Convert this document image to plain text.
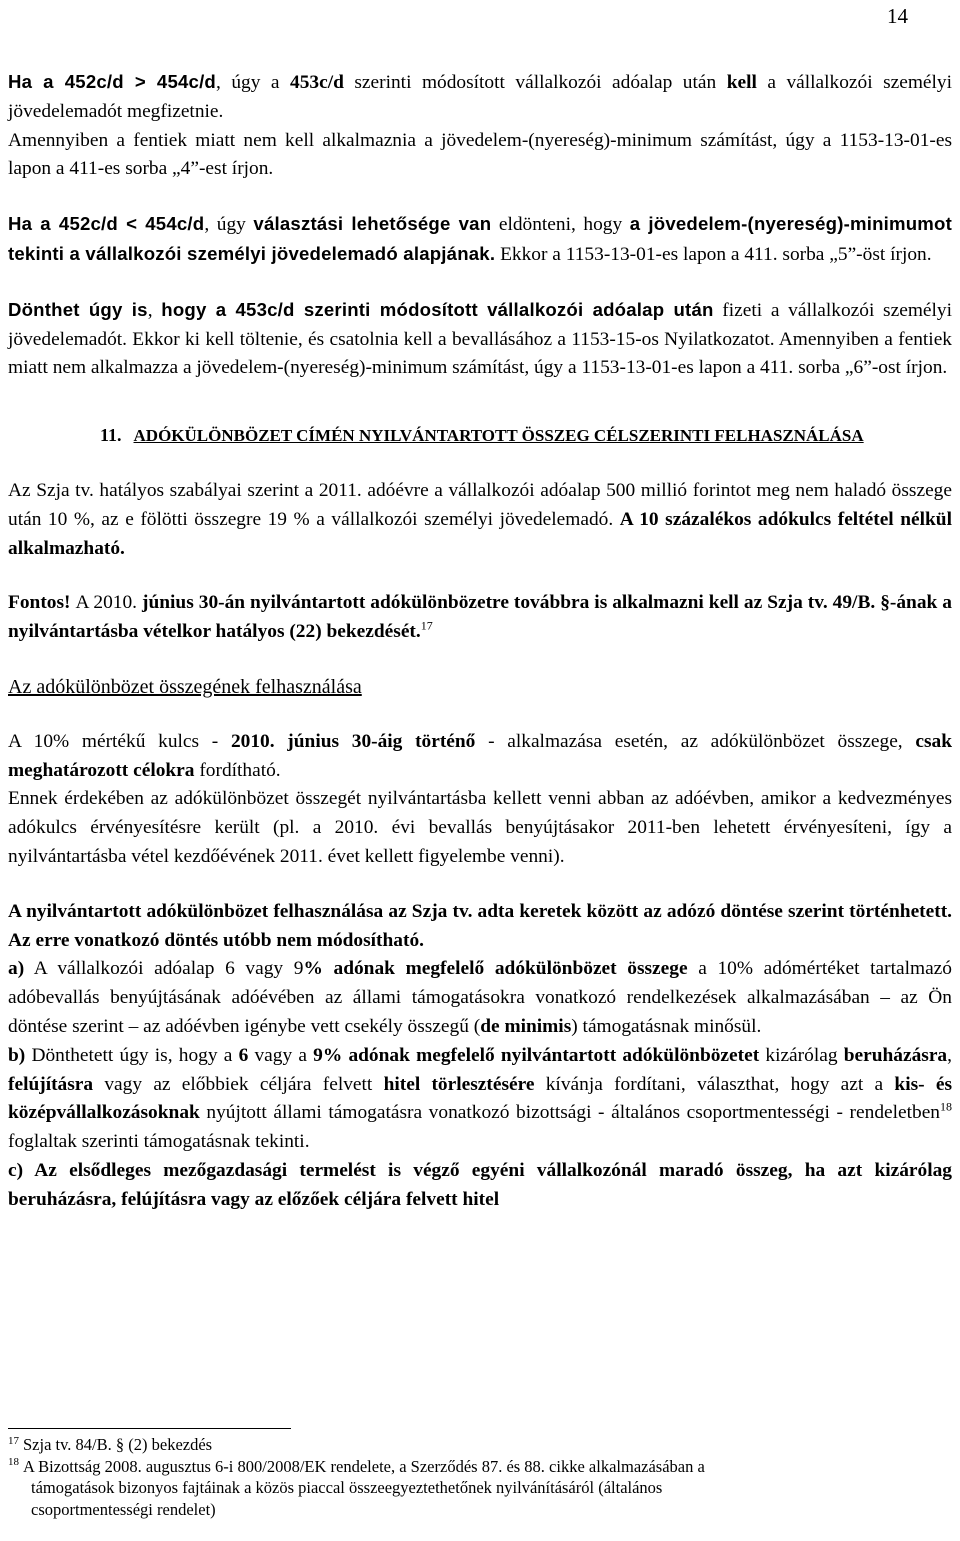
14

Ha a 452c/d > 454c/d, úgy a 453c/d szerinti módosított vállalkozói adóalap után kell a vállalkozói személyi jövedelemadót megfizetnie.
Amennyiben a fentiek miatt nem kell alkalmaznia a jövedelem-(nyereség)-minimum számítást, úgy a 1153-13-01-es lapon a 411-es sorba „4”-est írjon.

Ha a 452c/d < 454c/d, úgy választási lehetősége van eldönteni, hogy a jövedelem-(nyereség)-minimumot tekinti a vállalkozói személyi jövedelemadó alapjának. Ekkor a 1153-13-01-es lapon a 411. sorba „5”-öst írjon.

Dönthet úgy is, hogy a 453c/d szerinti módosított vállalkozói adóalap után fizeti a vállalkozói személyi jövedelemadót. Ekkor ki kell töltenie, és csatolnia kell a bevallásához a 1153-15-os Nyilatkozatot. Amennyiben a fentiek miatt nem alkalmazza a jövedelem-(nyereség)-minimum számítást, úgy a 1153-13-01-es lapon a 411. sorba „6”-ost írjon.

11. ADÓKÜLÖNBÖZET CÍMÉN NYILVÁNTARTOTT ÖSSZEG CÉLSZERINTI FELHASZNÁLÁSA

Az Szja tv. hatályos szabályai szerint a 2011. adóévre a vállalkozói adóalap 500 millió forintot meg nem haladó összege után 10 %, az e fölötti összegre 19 % a vállalkozói személyi jövedelemadó. A 10 százalékos adókulcs feltétel nélkül alkalmazható.

Fontos! A 2010. június 30-án nyilvántartott adókülönbözetre továbbra is alkalmazni kell az Szja tv. 49/B. §-ának a nyilvántartásba vételkor hatályos (22) bekezdését.$^{17}$

Az adókülönbözet összegének felhasználása

A 10% mértékű kulcs - 2010. június 30-áig történő - alkalmazása esetén, az adókülönbözet összege, csak meghatározott célokra fordítható.
Ennek érdekében az adókülönbözet összegét nyilvántartásba kellett venni abban az adóévben, amikor a kedvezményes adókulcs érvényesítésre került (pl. a 2010. évi bevallás benyújtásakor 2011-ben lehetett érvényesíteni, így a nyilvántartásba vétel kezdőévének 2011. évet kellett figyelembe venni).

A nyilvántartott adókülönbözet felhasználása az Szja tv. adta keretek között az adózó döntése szerint történhetett. Az erre vonatkozó döntés utóbb nem módosítható.

a) A vállalkozói adóalap 6 vagy 9% adónak megfelelő adókülönbözet összege a 10% adómértéket tartalmazó adóbevallás benyújtásának adóévében az állami támogatásokra vonatkozó rendelkezések alkalmazásában – az Ön döntése szerint – az adóévben igénybe vett csekély összegű (de minimis) támogatásnak minősül.

b) Dönthetett úgy is, hogy a 6 vagy a 9% adónak megfelelő nyilvántartott adókülönbözetet kizárólag beruházásra, felújításra vagy az előbbiek céljára felvett hitel törlesztésére kívánja fordítani, választhat, hogy azt a kis- és középvállalkozásoknak nyújtott állami támogatásra vonatkozó bizottsági - általános csoportmentességi - rendeletben$^{18}$ foglaltak szerinti támogatásnak tekinti.

c) Az elsődleges mezőgazdasági termelést is végző egyéni vállalkozónál maradó összeg, ha azt kizárólag beruházásra, felújításra vagy az előzőek céljára felvett hitel

$^{17}$ Szja tv. 84/B. § (2) bekezdés

$^{18}$ A Bizottság 2008. augusztus 6-i 800/2008/EK rendelete, a Szerződés 87. és 88. cikke alkalmazásában a

támogatások bizonyos fajtáinak a közös piaccal összeegyeztethetőnek nyilvánításáról (általános

csoportmentességi rendelet)
